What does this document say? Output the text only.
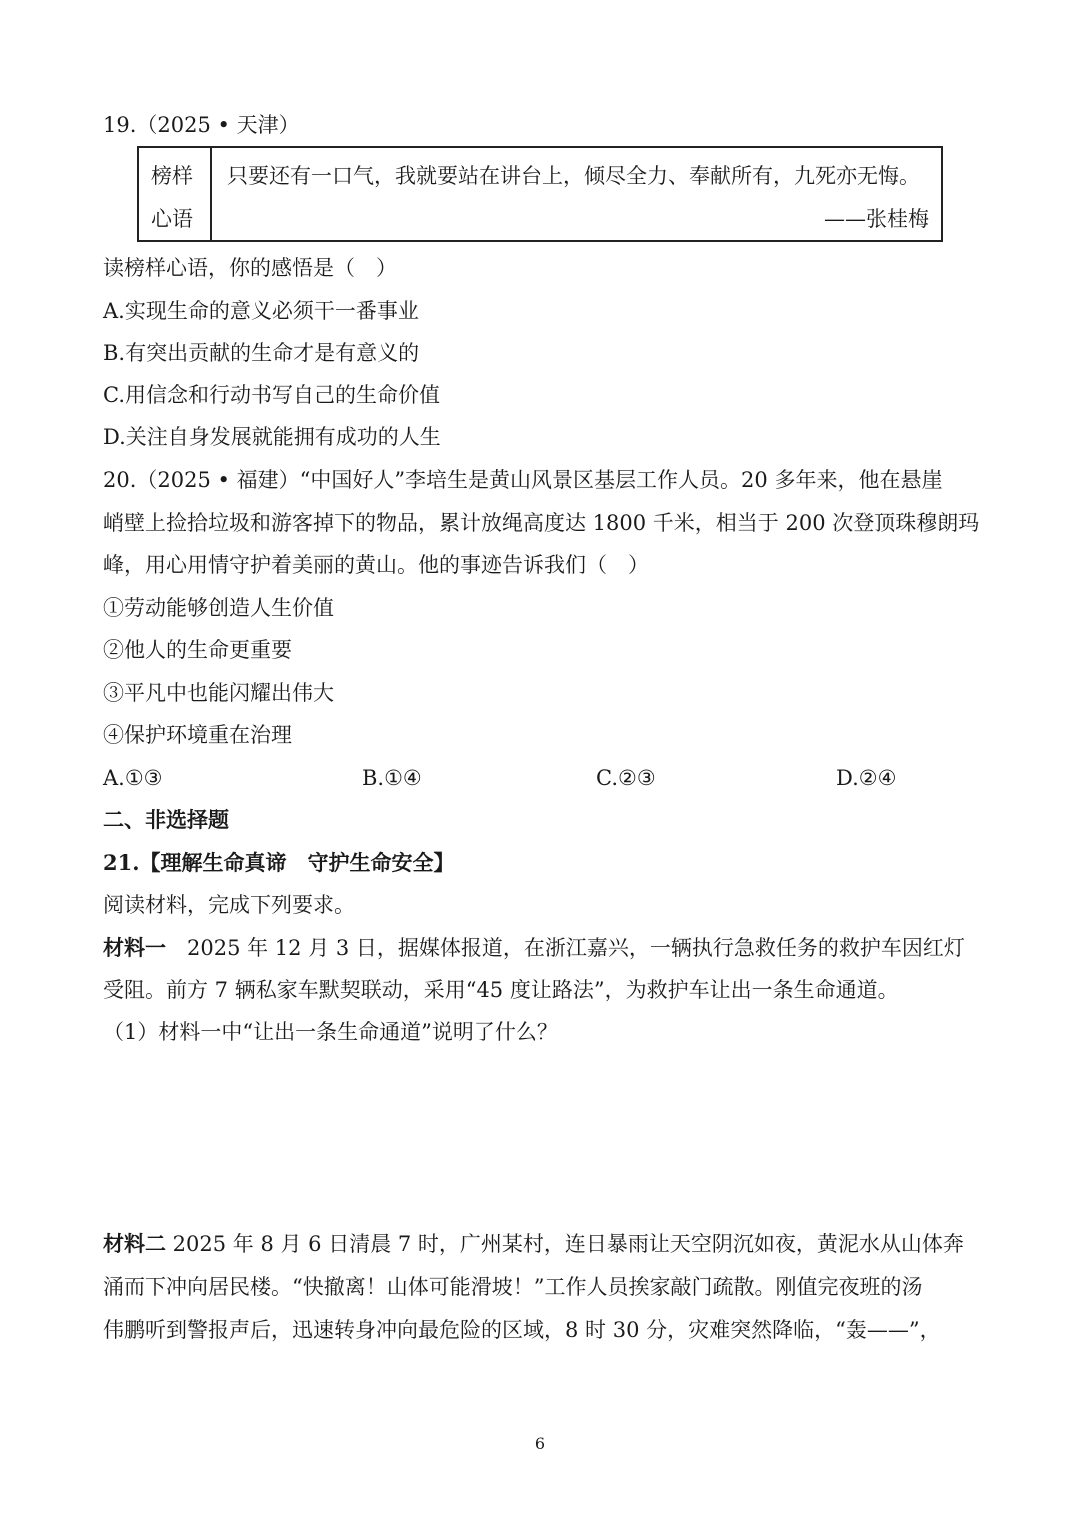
19.（2025 • 天津）
榜样
心语
只要还有一口气，我就要站在讲台上，倾尽全力、奉献所有，九死亦无悔。
——张桂梅
读榜样心语，你的感悟是（　）
A.实现生命的意义必须干一番事业
B.有突出贡献的生命才是有意义的
C.用信念和行动书写自己的生命价值
D.关注自身发展就能拥有成功的人生
20.（2025 • 福建）“中国好人”李培生是黄山风景区基层工作人员。20 多年来，他在悬崖
峭壁上捡拾垃圾和游客掉下的物品，累计放绳高度达 1800 千米，相当于 200 次登顶珠穆朗玛
峰，用心用情守护着美丽的黄山。他的事迹告诉我们（　）
①劳动能够创造人生价值
②他人的生命更重要
③平凡中也能闪耀出伟大
④保护环境重在治理
A.①③	B.①④	C.②③	D.②④
二、非选择题
21.【理解生命真谛　守护生命安全】
阅读材料，完成下列要求。
材料一　2025 年 12 月 3 日，据媒体报道，在浙江嘉兴，一辆执行急救任务的救护车因红灯
受阻。前方 7 辆私家车默契联动，采用“45 度让路法”，为救护车让出一条生命通道。
（1）材料一中“让出一条生命通道”说明了什么？
材料二 2025 年 8 月 6 日清晨 7 时，广州某村，连日暴雨让天空阴沉如夜，黄泥水从山体奔
涌而下冲向居民楼。“快撤离！山体可能滑坡！”工作人员挨家敲门疏散。刚值完夜班的汤
伟鹏听到警报声后，迅速转身冲向最危险的区域，8 时 30 分，灾难突然降临，“轰——”，
6
